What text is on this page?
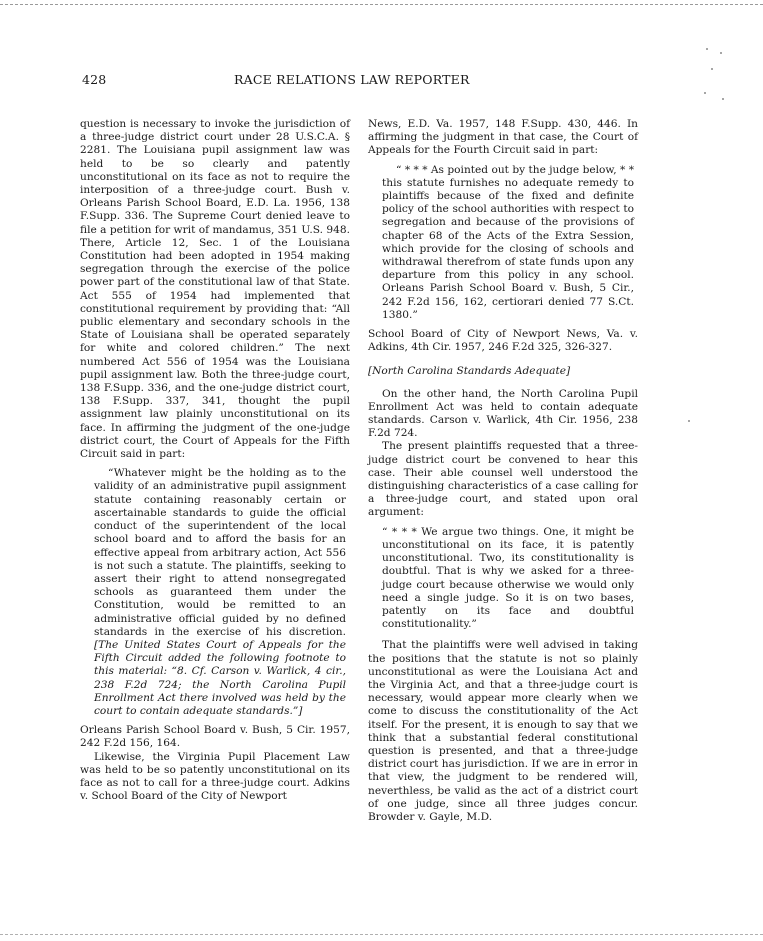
428	RACE RELATIONS LAW REPORTER

question is necessary to invoke the jurisdiction of a three-judge district court under 28 U.S.C.A. § 2281. The Louisiana pupil assignment law was held to be so clearly and patently unconstitutional on its face as not to require the interposition of a three-judge court. Bush v. Orleans Parish School Board, E.D. La. 1956, 138 F.Supp. 336. The Supreme Court denied leave to file a petition for writ of mandamus, 351 U.S. 948. There, Article 12, Sec. 1 of the Louisiana Constitution had been adopted in 1954 making segregation through the exercise of the police power part of the constitutional law of that State. Act 555 of 1954 had implemented that constitutional requirement by providing that: “All public elementary and secondary schools in the State of Louisiana shall be operated separately for white and colored children.” The next numbered Act 556 of 1954 was the Louisiana pupil assignment law. Both the three-judge court, 138 F.Supp. 336, and the one-judge district court, 138 F.Supp. 337, 341, thought the pupil assignment law plainly unconstitutional on its face. In affirming the judgment of the one-judge district court, the Court of Appeals for the Fifth Circuit said in part:

“Whatever might be the holding as to the validity of an administrative pupil assignment statute containing reasonably certain or ascertainable standards to guide the official conduct of the superintendent of the local school board and to afford the basis for an effective appeal from arbitrary action, Act 556 is not such a statute. The plaintiffs, seeking to assert their right to attend nonsegregated schools as guaranteed them under the Constitution, would be remitted to an administrative official guided by no defined standards in the exercise of his discretion. [The United States Court of Appeals for the Fifth Circuit added the following footnote to this material: “8. Cf. Carson v. Warlick, 4 cir., 238 F.2d 724; the North Carolina Pupil Enrollment Act there involved was held by the court to contain adequate standards.”]

Orleans Parish School Board v. Bush, 5 Cir. 1957, 242 F.2d 156, 164.

Likewise, the Virginia Pupil Placement Law was held to be so patently unconstitutional on its face as not to call for a three-judge court. Adkins v. School Board of the City of Newport

News, E.D. Va. 1957, 148 F.Supp. 430, 446. In affirming the judgment in that case, the Court of Appeals for the Fourth Circuit said in part:

“ * * * As pointed out by the judge below, * * this statute furnishes no adequate remedy to plaintiffs because of the fixed and definite policy of the school authorities with respect to segregation and because of the provisions of chapter 68 of the Acts of the Extra Session, which provide for the closing of schools and withdrawal therefrom of state funds upon any departure from this policy in any school. Orleans Parish School Board v. Bush, 5 Cir., 242 F.2d 156, 162, certiorari denied 77 S.Ct. 1380.”

School Board of City of Newport News, Va. v. Adkins, 4th Cir. 1957, 246 F.2d 325, 326-327.

[North Carolina Standards Adequate]

On the other hand, the North Carolina Pupil Enrollment Act was held to contain adequate standards. Carson v. Warlick, 4th Cir. 1956, 238 F.2d 724.

The present plaintiffs requested that a three-judge district court be convened to hear this case. Their able counsel well understood the distinguishing characteristics of a case calling for a three-judge court, and stated upon oral argument:

“ * * * We argue two things. One, it might be unconstitutional on its face, it is patently unconstitutional. Two, its constitutionality is doubtful. That is why we asked for a three-judge court because otherwise we would only need a single judge. So it is on two bases, patently on its face and doubtful constitutionality.”

That the plaintiffs were well advised in taking the positions that the statute is not so plainly unconstitutional as were the Louisiana Act and the Virginia Act, and that a three-judge court is necessary, would appear more clearly when we come to discuss the constitutionality of the Act itself. For the present, it is enough to say that we think that a substantial federal constitutional question is presented, and that a three-judge district court has jurisdiction. If we are in error in that view, the judgment to be rendered will, neverthless, be valid as the act of a district court of one judge, since all three judges concur. Browder v. Gayle, M.D.
